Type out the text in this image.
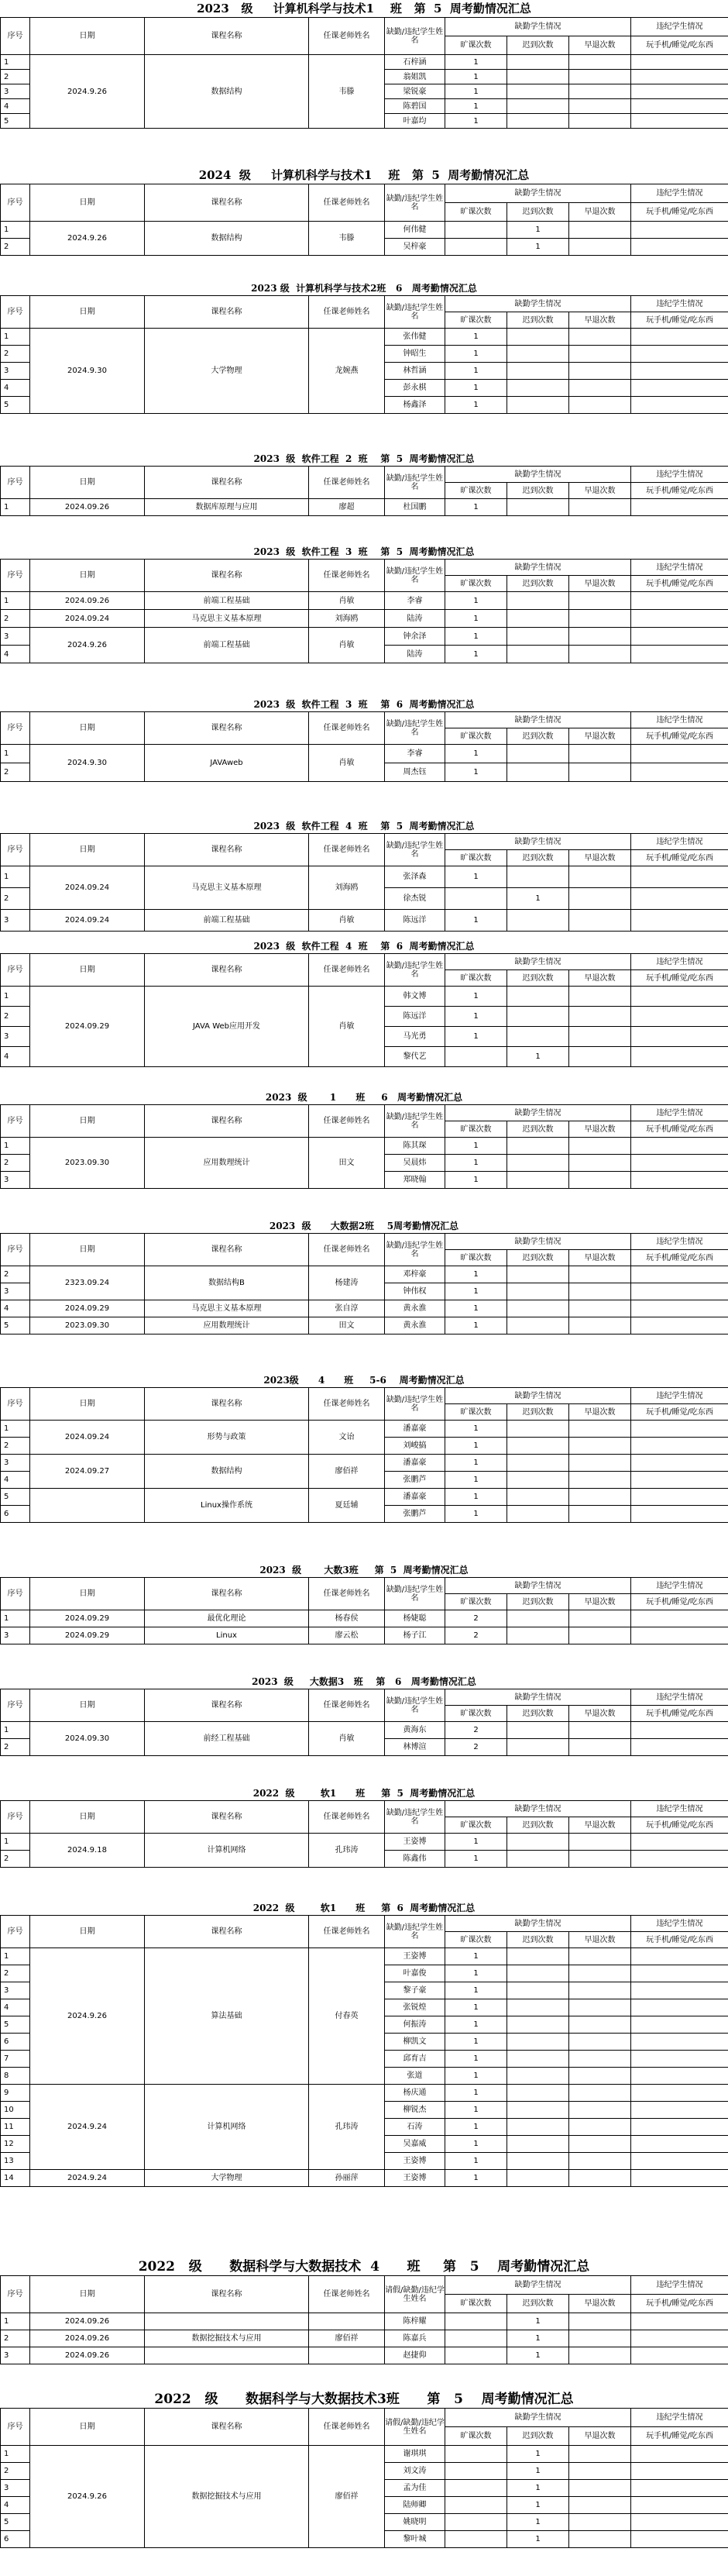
2023   级     计算机科学与技术1    班   第  5  周考勤情况汇总
序号	日期	课程名称	任课老师姓名	缺勤/违纪学生姓名	缺勤学生情况			违纪学生情况
					旷课次数	迟到次数	早退次数	玩手机/睡觉/吃东西
1	2024.9.26	数据结构	韦滕	石梓涵	1			
2				翁姐凯	1			
3				梁锐豪	1			
4				陈碧国	1			
5				叶嘉均	1			
2024  级     计算机科学与技术1    班   第  5  周考勤情况汇总
序号	日期	课程名称	任课老师姓名	缺勤/违纪学生姓名	缺勤学生情况			违纪学生情况
					旷课次数	迟到次数	早退次数	玩手机/睡觉/吃东西
1	2024.9.26	数据结构	韦滕	何伟健		1		
2				吴梓豪		1		
2023 级  计算机科学与技术2班   6   周考勤情况汇总
序号	日期	课程名称	任课老师姓名	缺勤/违纪学生姓名	缺勤学生情况			违纪学生情况
					旷课次数	迟到次数	早退次数	玩手机/睡觉/吃东西
1	2024.9.30	大学物理	龙婉燕	张伟健	1			
2				钟昭生	1			
3				林哲涵	1			
4				彭永棋	1			
5				杨鑫泽	1			
2023  级  软件工程  2  班    第  5  周考勤情况汇总
序号	日期	课程名称	任课老师姓名	缺勤/违纪学生姓名	缺勤学生情况			违纪学生情况
					旷课次数	迟到次数	早退次数	玩手机/睡觉/吃东西
1	2024.09.26	数据库原理与应用	廖超	杜国鹏	1			
2023  级  软件工程  3  班    第  5  周考勤情况汇总
序号	日期	课程名称	任课老师姓名	缺勤/违纪学生姓名	缺勤学生情况			违纪学生情况
					旷课次数	迟到次数	早退次数	玩手机/睡觉/吃东西
1	2024.09.26	前端工程基础	肖敏	李睿	1			
2	2024.09.24	马克思主义基本原理	刘海鸥	陆涛	1			
3	2024.9.26	前端工程基础	肖敏	钟余泽	1			
4				陆涛	1			
2023  级  软件工程  3  班    第  6  周考勤情况汇总
序号	日期	课程名称	任课老师姓名	缺勤/违纪学生姓名	缺勤学生情况			违纪学生情况
					旷课次数	迟到次数	早退次数	玩手机/睡觉/吃东西
1	2024.9.30	JAVAweb	肖敏	李睿	1			
2				周杰钰	1			
2023  级  软件工程  4  班    第  5  周考勤情况汇总
序号	日期	课程名称	任课老师姓名	缺勤/违纪学生姓名	缺勤学生情况			违纪学生情况
					旷课次数	迟到次数	早退次数	玩手机/睡觉/吃东西
1	2024.09.24	马克思主义基本原理	刘海鸥	张泽森	1			
2				徐杰锐		1		
3	2024.09.24	前端工程基础	肖敏	陈远洋	1			
2023  级  软件工程  4  班    第  6  周考勤情况汇总
序号	日期	课程名称	任课老师姓名	缺勤/违纪学生姓名	缺勤学生情况			违纪学生情况
					旷课次数	迟到次数	早退次数	玩手机/睡觉/吃东西
1	2024.09.29	JAVA Web应用开发	肖敏	韩文博	1			
2				陈远洋	1			
3				马光勇	1			
4				黎代艺		1		
2023  级       1      班     6   周考勤情况汇总
序号	日期	课程名称	任课老师姓名	缺勤/违纪学生姓名	缺勤学生情况			违纪学生情况
					旷课次数	迟到次数	早退次数	玩手机/睡觉/吃东西
1	2023.09.30	应用数理统计	田文	陈其琛	1			
2				吴晨炜	1			
3				郑晓翰	1			
2023  级      大数据2班    5周考勤情况汇总
序号	日期	课程名称	任课老师姓名	缺勤/违纪学生姓名	缺勤学生情况			违纪学生情况
					旷课次数	迟到次数	早退次数	玩手机/睡觉/吃东西
2	2323.09.24	数据结构B	杨建涛	邓梓豪	1			
3				钟伟权	1			
4	2024.09.29	马克思主义基本原理	张自淳	黄永淮	1			
5	2023.09.30	应用数理统计	田文	黄永淮	1			
2023级      4      班     5-6    周考勤情况汇总
序号	日期	课程名称	任课老师姓名	缺勤/违纪学生姓名	缺勤学生情况			违纪学生情况
					旷课次数	迟到次数	早退次数	玩手机/睡觉/吃东西
1	2024.09.24	形势与政策	文诒	潘嘉豪	1			
2				刘峻搞	1			
3	2024.09.27	数据结构	廖佰祥	潘嘉豪	1			
4				张鹏芦	1			
5		Linux操作系统	夏廷辅	潘嘉豪	1			
6				张鹏芦	1			
2023  级       大数3班     第  5  周考勤情况汇总
序号	日期	课程名称	任课老师姓名	缺勤/违纪学生姓名	缺勤学生情况			违纪学生情况
					旷课次数	迟到次数	早退次数	玩手机/睡觉/吃东西
1	2024.09.29	最优化理论	杨春侯	杨婕聪	2			
3	2024.09.29	Linux	廖云松	杨子江	2			
2023  级     大数据3   班    第   6   周考勤情况汇总
序号	日期	课程名称	任课老师姓名	缺勤/违纪学生姓名	缺勤学生情况			违纪学生情况
					旷课次数	迟到次数	早退次数	玩手机/睡觉/吃东西
1	2024.09.30	前经工程基础	肖敏	黄海东	2			
2				林博渲	2			
2022  级        软1      班     第  5  周考勤情况汇总
序号	日期	课程名称	任课老师姓名	缺勤/违纪学生姓名	缺勤学生情况			违纪学生情况
					旷课次数	迟到次数	早退次数	玩手机/睡觉/吃东西
1	2024.9.18	计算机网络	孔玮涛	王姿博	1			
2				陈鑫伟	1			
2022  级        软1      班     第  6  周考勤情况汇总
序号	日期	课程名称	任课老师姓名	缺勤/违纪学生姓名	缺勤学生情况			违纪学生情况
					旷课次数	迟到次数	早退次数	玩手机/睡觉/吃东西
1	2024.9.26	算法基础	付春英	王姿博	1			
2				叶嘉俊	1			
3				黎子豪	1			
4				张锐煌	1			
5				何振涛	1			
6				柳凯文	1			
7				邱育吉	1			
8				张道	1			
9	2024.9.24	计算机网络	孔玮涛	杨庆通	1			
10				柳锐杰	1			
11				石涛	1			
12				吴嘉威	1			
13				王姿博	1			
14	2024.9.24	大学物理	孙丽萍	王姿博	1			
2022   级      数据科学与大数据技术  4      班     第   5    周考勤情况汇总
序号	日期	课程名称	任课老师姓名	请假/缺勤/违纪学生姓名	缺勤学生情况			违纪学生情况
					旷课次数	迟到次数	早退次数	玩手机/睡觉/吃东西
1	2024.09.26			陈梓耀		1		
2	2024.09.26	数据挖掘技术与应用	廖佰祥	陈嘉兵		1		
3	2024.09.26			赵捷仰		1		
2022   级      数据科学与大数据技术3班      第   5    周考勤情况汇总
序号	日期	课程名称	任课老师姓名	请假/缺勤/违纪学生姓名	缺勤学生情况			违纪学生情况
					旷课次数	迟到次数	早退次数	玩手机/睡觉/吃东西
1	2024.9.26	数据挖掘技术与应用	廖佰祥	谢琪琪		1		
2				刘文涛		1		
3				孟为佳		1		
4				陆师卿		1		
5				姚晓明		1		
6				黎叶城		1		
